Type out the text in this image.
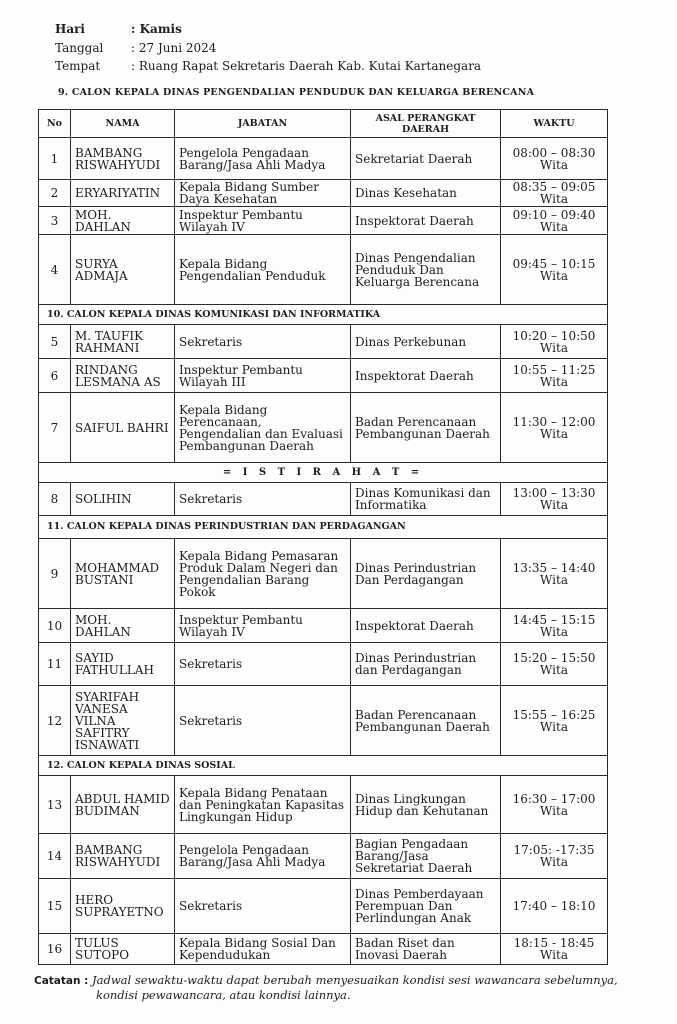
Hari	: Kamis
Tanggal : 27 Juni 2024
Tempat	: Ruang Rapat Sekretaris Daerah Kab. Kutai Kartanegara
9. CALON KEPALA DINAS PENGENDALIAN PENDUDUK DAN KELUARGA BERENCANA
No	NAMA	JABATAN	ASAL PERANGKAT DAERAH	WAKTU
1	BAMBANG RISWAHYUDI	Pengelola Pengadaan Barang/Jasa Ahli Madya	Sekretariat Daerah	08:00 – 08:30 Wita
2	ERYARIYATIN	Kepala Bidang Sumber Daya Kesehatan	Dinas Kesehatan	08:35 – 09:05 Wita
3	MOH. DAHLAN	Inspektur Pembantu Wilayah IV	Inspektorat Daerah	09:10 – 09:40 Wita
4	SURYA ADMAJA	Kepala Bidang Pengendalian Penduduk	Dinas Pengendalian Penduduk Dan Keluarga Berencana	09:45 – 10:15 Wita
10. CALON KEPALA DINAS KOMUNIKASI DAN INFORMATIKA				
5	M. TAUFIK RAHMANI	Sekretaris	Dinas Perkebunan	10:20 – 10:50 Wita
6	RINDANG LESMANA AS	Inspektur Pembantu Wilayah III	Inspektorat Daerah	10:55 – 11:25 Wita
7	SAIFUL BAHRI	Kepala Bidang Perencanaan, Pengendalian dan Evaluasi Pembangunan Daerah	Badan Perencanaan Pembangunan Daerah	11:30 – 12:00 Wita
= I S T I R A H A T =				
8	SOLIHIN	Sekretaris	Dinas Komunikasi dan Informatika	13:00 – 13:30 Wita
11. CALON KEPALA DINAS PERINDUSTRIAN DAN PERDAGANGAN				
9	MOHAMMAD BUSTANI	Kepala Bidang Pemasaran Produk Dalam Negeri dan Pengendalian Barang Pokok	Dinas Perindustrian Dan Perdagangan	13:35 – 14:40 Wita
10	MOH. DAHLAN	Inspektur Pembantu Wilayah IV	Inspektorat Daerah	14:45 – 15:15 Wita
11	SAYID FATHULLAH	Sekretaris	Dinas Perindustrian dan Perdagangan	15:20 – 15:50 Wita
12	SYARIFAH VANESA VILNA SAFITRY ISNAWATI	Sekretaris	Badan Perencanaan Pembangunan Daerah	15:55 – 16:25 Wita
12. CALON KEPALA DINAS SOSIAL				
13	ABDUL HAMID BUDIMAN	Kepala Bidang Penataan dan Peningkatan Kapasitas Lingkungan Hidup	Dinas Lingkungan Hidup dan Kehutanan	16:30 – 17:00 Wita
14	BAMBANG RISWAHYUDI	Pengelola Pengadaan Barang/Jasa Ahli Madya	Bagian Pengadaan Barang/Jasa Sekretariat Daerah	17:05: -17:35 Wita
15	HERO SUPRAYETNO	Sekretaris	Dinas Pemberdayaan Perempuan Dan Perlindungan Anak	17:40 – 18:10
16	TULUS SUTOPO	Kepala Bidang Sosial Dan Kependudukan	Badan Riset dan Inovasi Daerah	18:15 - 18:45 Wita
Catatan : Jadwal sewaktu-waktu dapat berubah menyesuaikan kondisi sesi wawancara sebelumnya,
kondisi pewawancara, atau kondisi lainnya.
